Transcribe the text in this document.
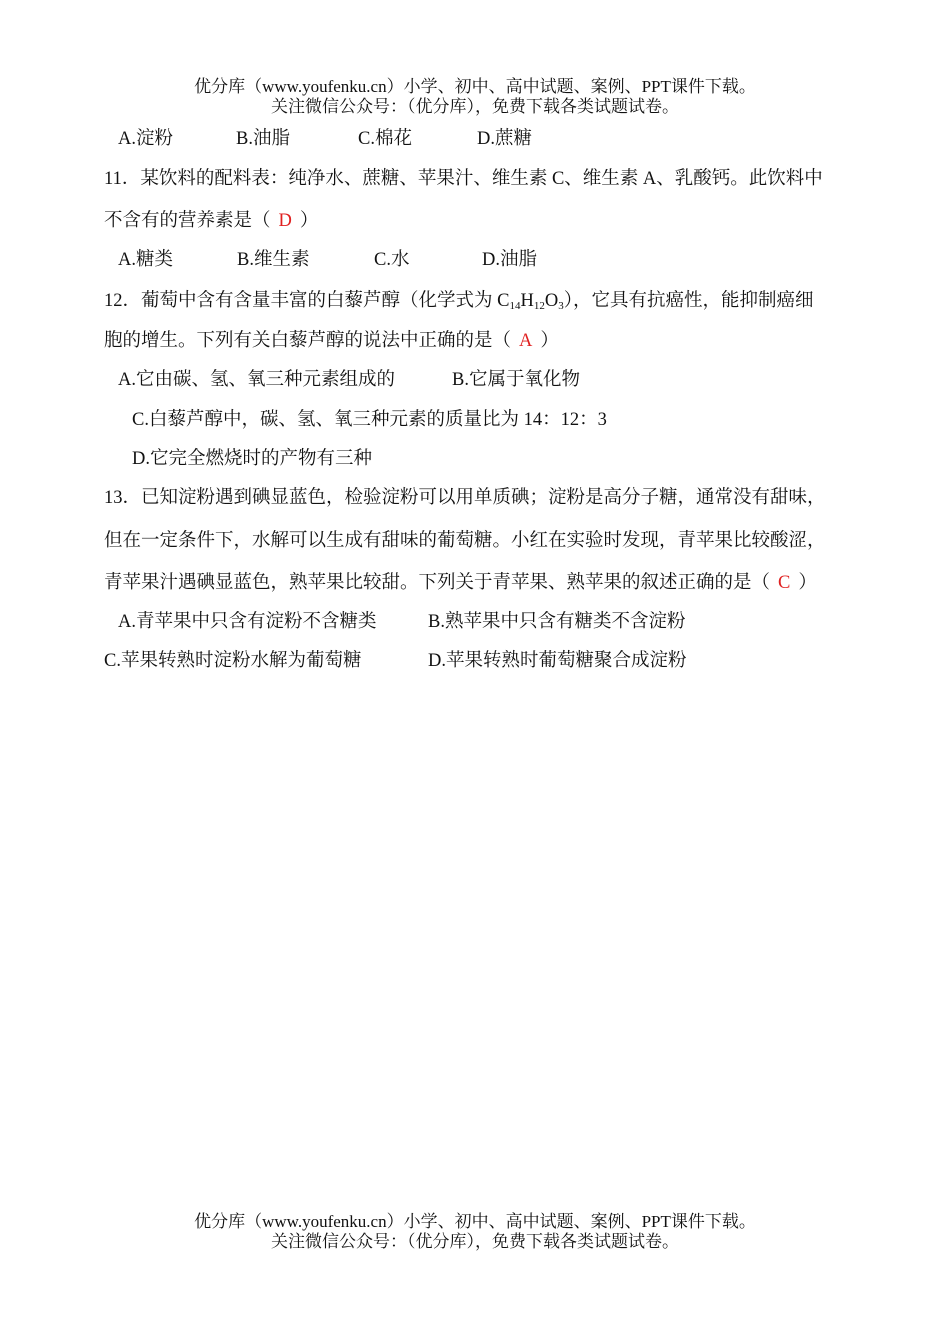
优分库（www.youfenku.cn）小学、初中、高中试题、案例、PPT课件下载。
关注微信公众号：（优分库），免费下载各类试题试卷。
A.淀粉	B.油脂	C.棉花	D.蔗糖
11．某饮料的配料表：纯净水、蔗糖、苹果汁、维生素 C、维生素 A、乳酸钙。此饮料中
不含有的营养素是（ D ）
A.糖类	B.维生素	C.水	D.油脂
12．葡萄中含有含量丰富的白藜芦醇（化学式为 $C_{14}H_{12}O_3$），它具有抗癌性，能抑制癌细
胞的增生。下列有关白藜芦醇的说法中正确的是（ A ）
A.它由碳、氢、氧三种元素组成的	B.它属于氧化物
C.白藜芦醇中，碳、氢、氧三种元素的质量比为 14：12：3
D.它完全燃烧时的产物有三种
13．已知淀粉遇到碘显蓝色，检验淀粉可以用单质碘；淀粉是高分子糖，通常没有甜味，
但在一定条件下，水解可以生成有甜味的葡萄糖。小红在实验时发现，青苹果比较酸涩，
青苹果汁遇碘显蓝色，熟苹果比较甜。下列关于青苹果、熟苹果的叙述正确的是（ C ）
A.青苹果中只含有淀粉不含糖类	B.熟苹果中只含有糖类不含淀粉
C.苹果转熟时淀粉水解为葡萄糖	D.苹果转熟时葡萄糖聚合成淀粉
优分库（www.youfenku.cn）小学、初中、高中试题、案例、PPT课件下载。
关注微信公众号：（优分库），免费下载各类试题试卷。
